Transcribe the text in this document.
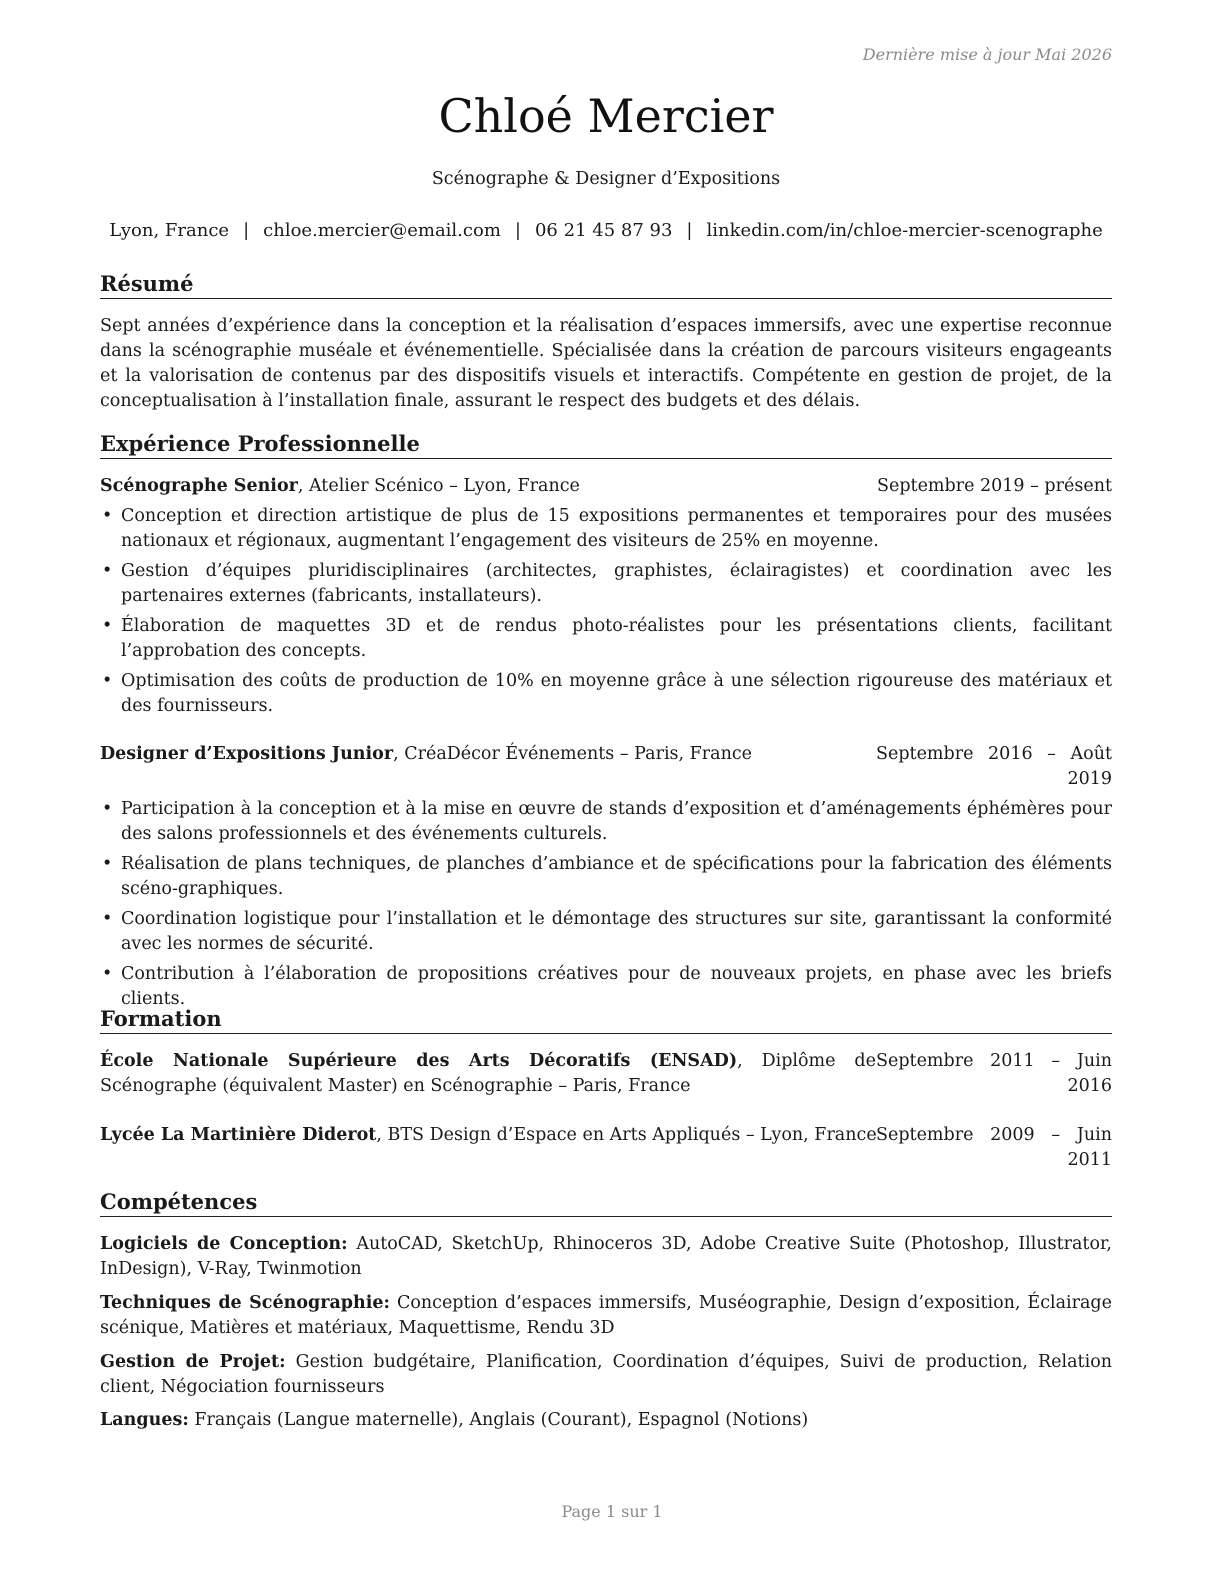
Dernière mise à jour Mai 2026
Chloé Mercier
Scénographe & Designer d’Expositions
Lyon, France | chloe.mercier@email.com | 06 21 45 87 93 | linkedin.com/in/chloe-mercier-scenographe
Résumé
Sept années d’expérience dans la conception et la réalisation d’espaces immersifs, avec une expertise reconnue dans la scénographie muséale et événementielle. Spécialisée dans la création de parcours visiteurs engageants et la valorisation de contenus par des dispositifs visuels et interactifs. Compétente en gestion de projet, de la conceptualisation à l’installation finale, assurant le respect des budgets et des délais.
Expérience Professionnelle
Scénographe Senior, Atelier Scénico – Lyon, France	Septembre 2019 – présent
• Conception et direction artistique de plus de 15 expositions permanentes et temporaires pour des musées nationaux et régionaux, augmentant l’engagement des visiteurs de 25% en moyenne.
• Gestion d’équipes pluridisciplinaires (architectes, graphistes, éclairagistes) et coordination avec les partenaires externes (fabricants, installateurs).
• Élaboration de maquettes 3D et de rendus photo-réalistes pour les présentations clients, facilitant l’approbation des concepts.
• Optimisation des coûts de production de 10% en moyenne grâce à une sélection rigoureuse des matériaux et des fournisseurs.
Designer d’Expositions Junior, CréaDécor Événements – Paris, France	Septembre 2016 – Août
2019
• Participation à la conception et à la mise en œuvre de stands d’exposition et d’aménagements éphémères pour des salons professionnels et des événements culturels.
• Réalisation de plans techniques, de planches d’ambiance et de spécifications pour la fabrication des éléments scéno-graphiques.
• Coordination logistique pour l’installation et le démontage des structures sur site, garantissant la conformité avec les normes de sécurité.
• Contribution à l’élaboration de propositions créatives pour de nouveaux projets, en phase avec les briefs clients.
Formation
École Nationale Supérieure des Arts Décoratifs (ENSAD), Diplôme de Scénographe (équivalent Master) en Scénographie – Paris, France
Septembre 2011 – Juin
2016
Lycée La Martinière Diderot, BTS Design d’Espace en Arts Appliqués – Lyon, France Septembre 2009 – Juin
2011
Compétences
Logiciels de Conception: AutoCAD, SketchUp, Rhinoceros 3D, Adobe Creative Suite (Photoshop, Illustrator, InDesign), V-Ray, Twinmotion
Techniques de Scénographie: Conception d’espaces immersifs, Muséographie, Design d’exposition, Éclairage scénique, Matières et matériaux, Maquettisme, Rendu 3D
Gestion de Projet: Gestion budgétaire, Planification, Coordination d’équipes, Suivi de production, Relation client, Négociation fournisseurs
Langues: Français (Langue maternelle), Anglais (Courant), Espagnol (Notions)
Page 1 sur 1
